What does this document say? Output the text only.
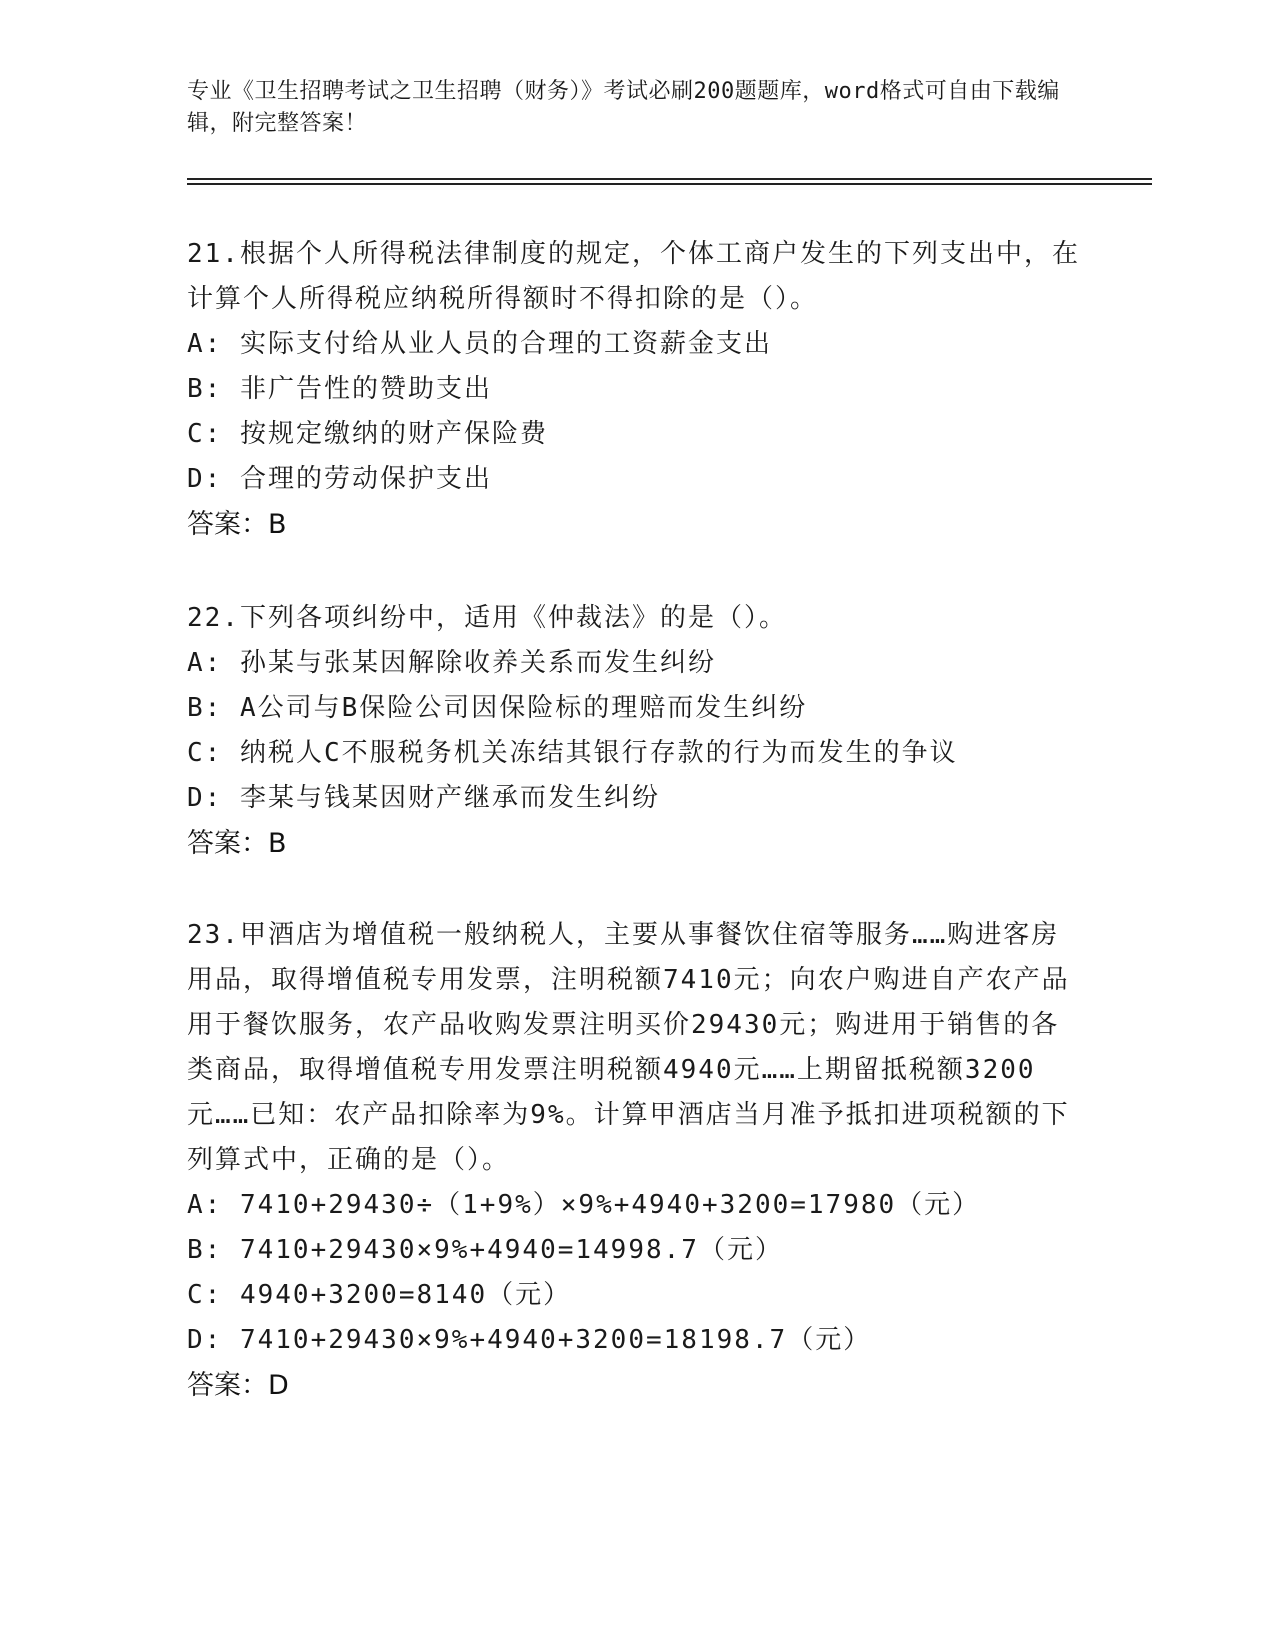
专业《卫生招聘考试之卫生招聘（财务）》考试必刷200题题库，word格式可自由下载编辑，附完整答案！
21.根据个人所得税法律制度的规定，个体工商户发生的下列支出中，在计算个人所得税应纳税所得额时不得扣除的是（）。
A: 实际支付给从业人员的合理的工资薪金支出
B: 非广告性的赞助支出
C: 按规定缴纳的财产保险费
D: 合理的劳动保护支出
答案：B
22.下列各项纠纷中，适用《仲裁法》的是（）。
A: 孙某与张某因解除收养关系而发生纠纷
B: A公司与B保险公司因保险标的理赔而发生纠纷
C: 纳税人C不服税务机关冻结其银行存款的行为而发生的争议
D: 李某与钱某因财产继承而发生纠纷
答案：B
23.甲酒店为增值税一般纳税人，主要从事餐饮住宿等服务……购进客房用品，取得增值税专用发票，注明税额7410元；向农户购进自产农产品用于餐饮服务，农产品收购发票注明买价29430元；购进用于销售的各类商品，取得增值税专用发票注明税额4940元……上期留抵税额3200元……已知：农产品扣除率为9%。计算甲酒店当月准予抵扣进项税额的下列算式中，正确的是（）。
A: 7410+29430÷（1+9%）×9%+4940+3200=17980（元）
B: 7410+29430×9%+4940=14998.7（元）
C: 4940+3200=8140（元）
D: 7410+29430×9%+4940+3200=18198.7（元）
答案：D
